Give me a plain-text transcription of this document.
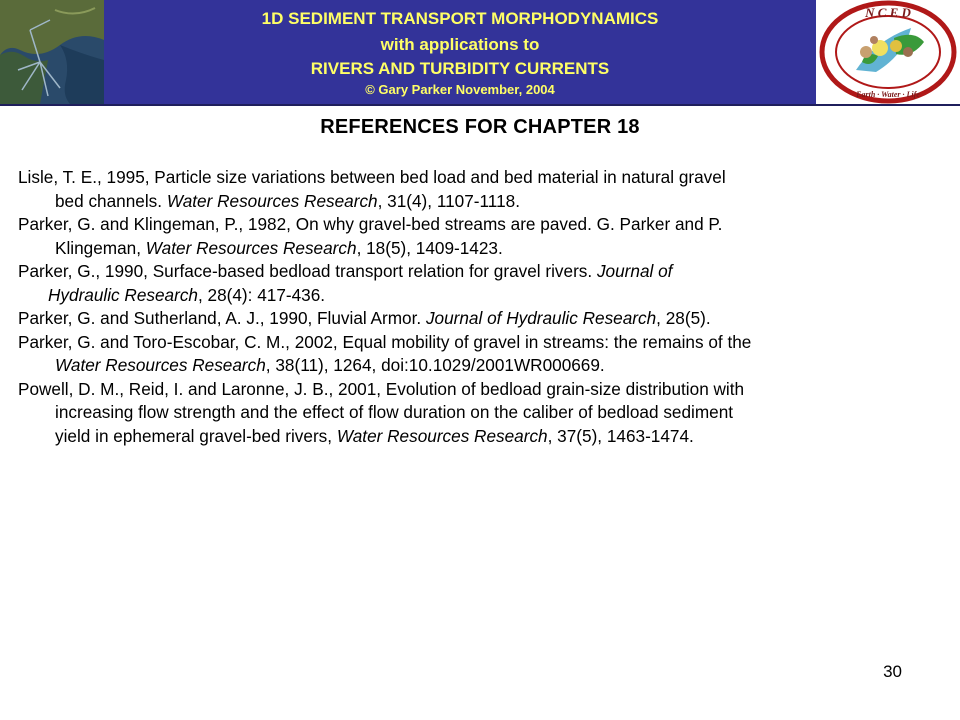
1D SEDIMENT TRANSPORT MORPHODYNAMICS
with applications to
RIVERS AND TURBIDITY CURRENTS
© Gary Parker November, 2004
N C E D
Earth · Water · Life
REFERENCES FOR CHAPTER 18

Lisle, T. E., 1995, Particle size variations between bed load and bed material in natural gravel
bed channels. Water Resources Research, 31(4), 1107-1118.

Parker, G. and Klingeman, P., 1982, On why gravel-bed streams are paved. G. Parker and P.
Klingeman, Water Resources Research, 18(5), 1409-1423.

Parker, G., 1990, Surface-based bedload transport relation for gravel rivers. Journal of
Hydraulic Research, 28(4): 417-436.

Parker, G. and Sutherland, A. J., 1990, Fluvial Armor. Journal of Hydraulic Research, 28(5).

Parker, G. and Toro-Escobar, C. M., 2002, Equal mobility of gravel in streams: the remains of the
Water Resources Research, 38(11), 1264, doi:10.1029/2001WR000669.

Powell, D. M., Reid, I. and Laronne, J. B., 2001, Evolution of bedload grain-size distribution with
increasing flow strength and the effect of flow duration on the caliber of bedload sediment
yield in ephemeral gravel-bed rivers, Water Resources Research, 37(5), 1463-1474.

30
